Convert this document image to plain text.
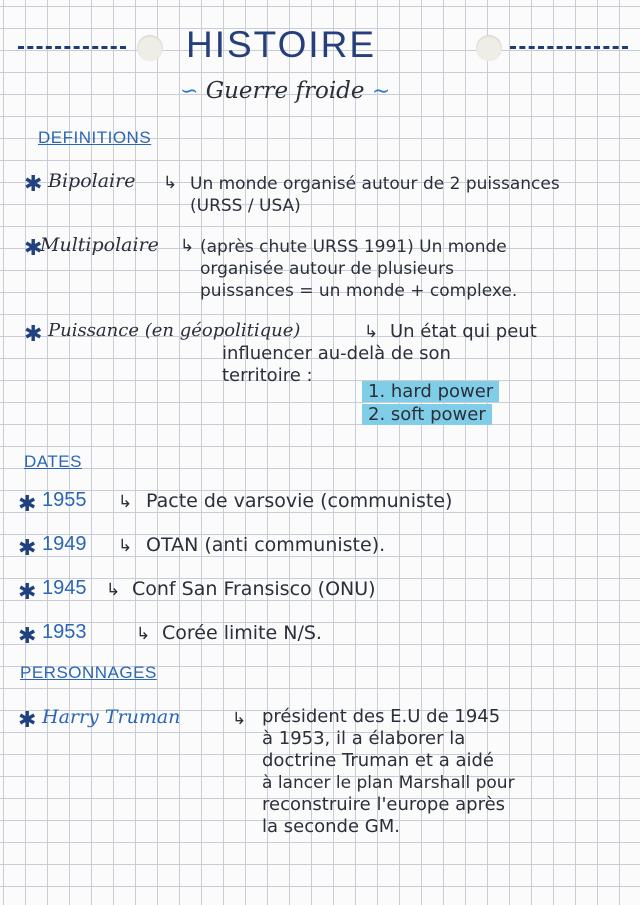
HISTOIRE
∽ Guerre froide ∼
DEFINITIONS
✱ Bipolaire ↳ Un monde organisé autour de 2 puissances
(URSS / USA)
✱
Multipolaire ↳ (après chute URSS 1991) Un monde
organisée autour de plusieurs
puissances = un monde + complexe.
✱ Puissance (en géopolitique)	↳ Un état qui peut
influencer au-delà de son
territoire :
1. hard power
2. soft power
DATES
✱ 1955 ↳ Pacte de varsovie (communiste)
✱ 1949 ↳ OTAN (anti communiste).
✱ 1945 ↳ Conf San Fransisco (ONU)
✱ 1953	↳ Corée limite N/S.
PERSONNAGES
✱ Harry Truman	↳ président des E.U de 1945
à 1953, il a élaborer la
doctrine Truman et a aidé
à lancer le plan Marshall pour
reconstruire l'europe après
la seconde GM.
